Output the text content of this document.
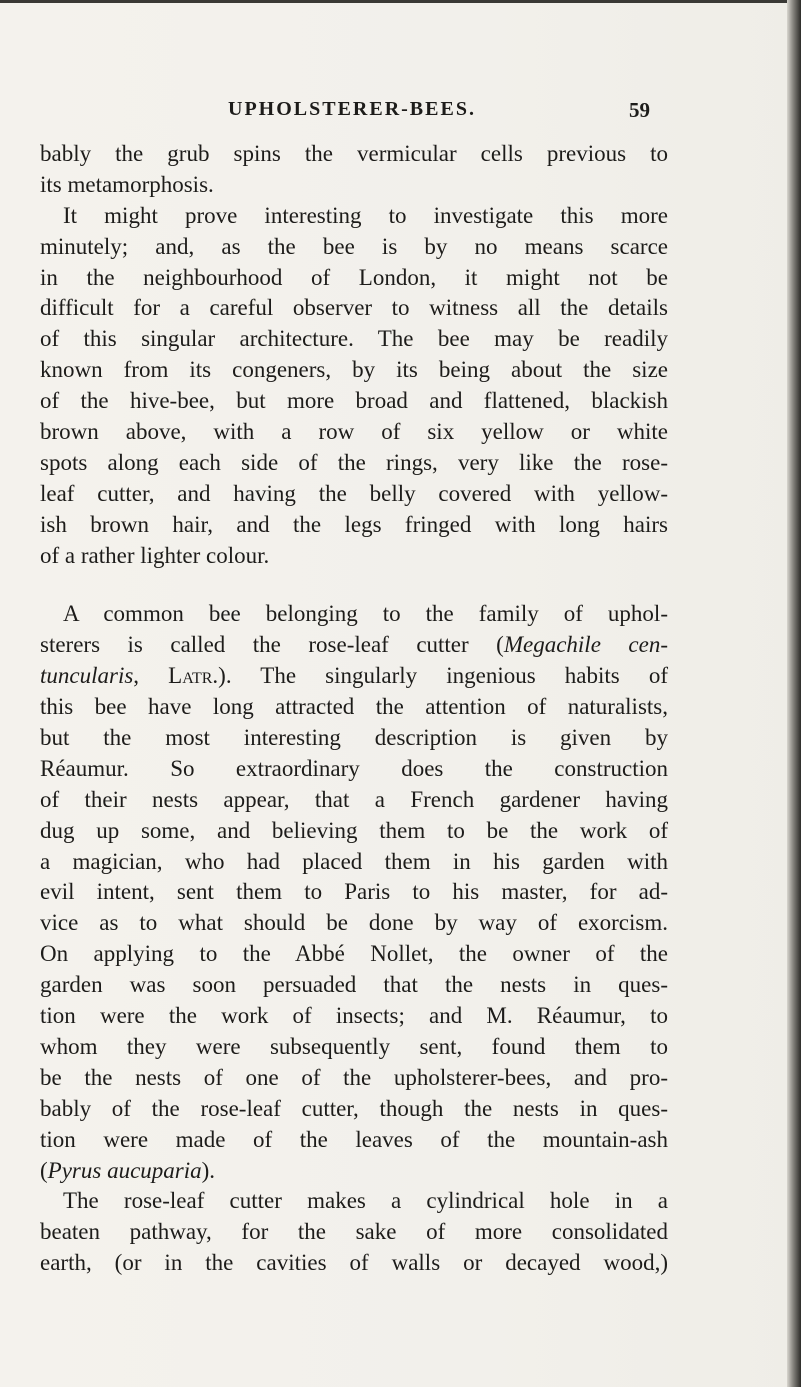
UPHOLSTERER-BEES.	59
bably the grub spins the vermicular cells previous to
its metamorphosis.
It might prove interesting to investigate this more
minutely; and, as the bee is by no means scarce
in the neighbourhood of London, it might not be
difficult for a careful observer to witness all the details
of this singular architecture. The bee may be readily
known from its congeners, by its being about the size
of the hive-bee, but more broad and flattened, blackish
brown above, with a row of six yellow or white
spots along each side of the rings, very like the rose-
leaf cutter, and having the belly covered with yellow-
ish brown hair, and the legs fringed with long hairs
of a rather lighter colour.
A common bee belonging to the family of uphol-
sterers is called the rose-leaf cutter (Megachile cen-
tuncularis, Latr.). The singularly ingenious habits of
this bee have long attracted the attention of naturalists,
but the most interesting description is given by
Réaumur. So extraordinary does the construction
of their nests appear, that a French gardener having
dug up some, and believing them to be the work of
a magician, who had placed them in his garden with
evil intent, sent them to Paris to his master, for ad-
vice as to what should be done by way of exorcism.
On applying to the Abbé Nollet, the owner of the
garden was soon persuaded that the nests in ques-
tion were the work of insects; and M. Réaumur, to
whom they were subsequently sent, found them to
be the nests of one of the upholsterer-bees, and pro-
bably of the rose-leaf cutter, though the nests in ques-
tion were made of the leaves of the mountain-ash
(Pyrus aucuparia).
The rose-leaf cutter makes a cylindrical hole in a
beaten pathway, for the sake of more consolidated
earth, (or in the cavities of walls or decayed wood,)
